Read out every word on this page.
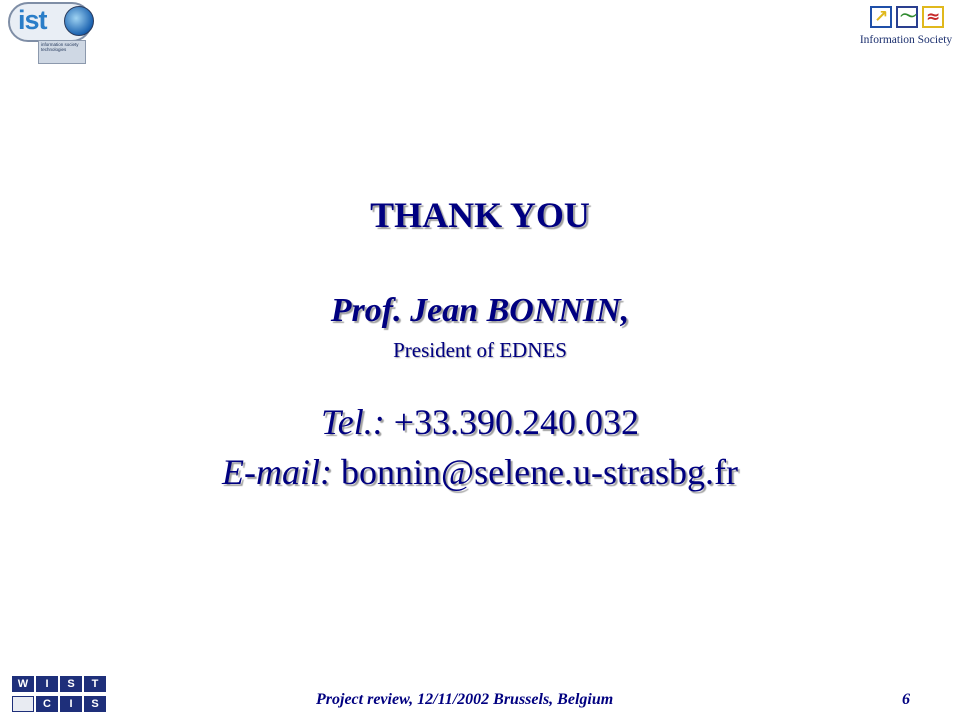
ist
information society technologies
↗ 〜 ≈
Information Society
THANK YOU
Prof. Jean BONNIN,
President of EDNES
Tel.: +33.390.240.032
E-mail: bonnin@selene.u-strasbg.fr
W	I	S	T
C	I	S	Project review, 12/11/2002 Brussels, Belgium	6
